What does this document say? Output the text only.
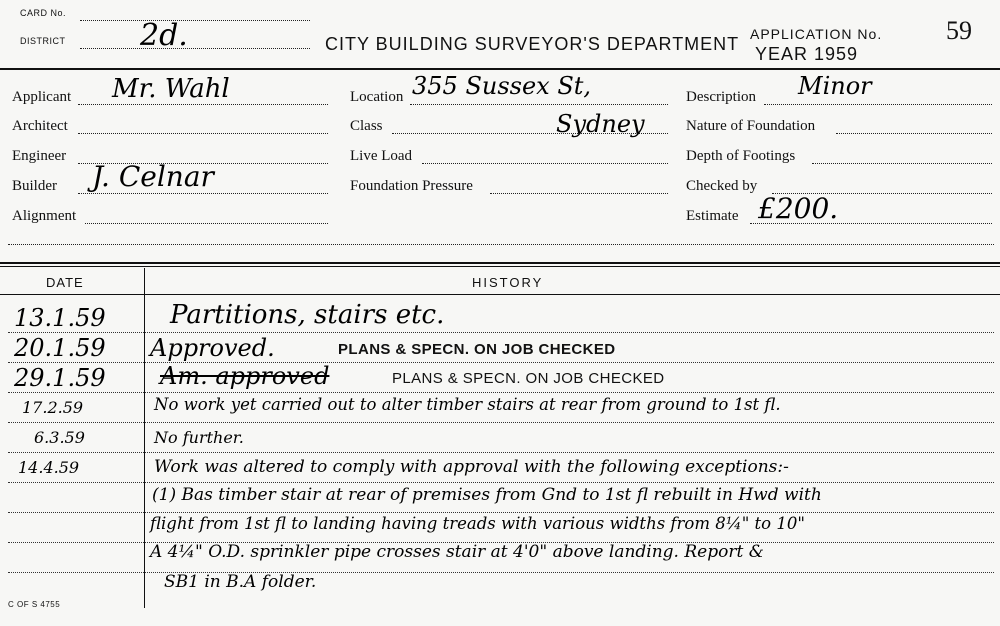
CARD No.
DISTRICT 2d.	CITY BUILDING SURVEYOR'S DEPARTMENT APPLICATION No. 59
YEAR 1959
Applicant Mr. Wahl
Architect
Engineer
Builder J. Celnar
Alignment
Location 355 Sussex St,
Class	Sydney
Live Load
Foundation Pressure
Description Minor
Nature of Foundation
Depth of Footings
Checked by
Estimate £200.
DATE	HISTORY
13.1.59 Partitions, stairs etc.
20.1.59 Approved.	PLANS & SPECN. ON JOB CHECKED
29.1.59 Am. approved	PLANS & SPECN. ON JOB CHECKED
17.2.59	No work yet carried out to alter timber stairs at rear from ground to 1st fl.
6.3.59	No further.
14.4.59	Work was altered to comply with approval with the following exceptions:-
(1) Bas timber stair at rear of premises from Gnd to 1st fl rebuilt in Hwd with
flight from 1st fl to landing having treads with various widths from 8¼" to 10"
A 4¼" O.D. sprinkler pipe crosses stair at 4'0" above landing. Report &
SB1 in B.A folder.
C OF S 4755
